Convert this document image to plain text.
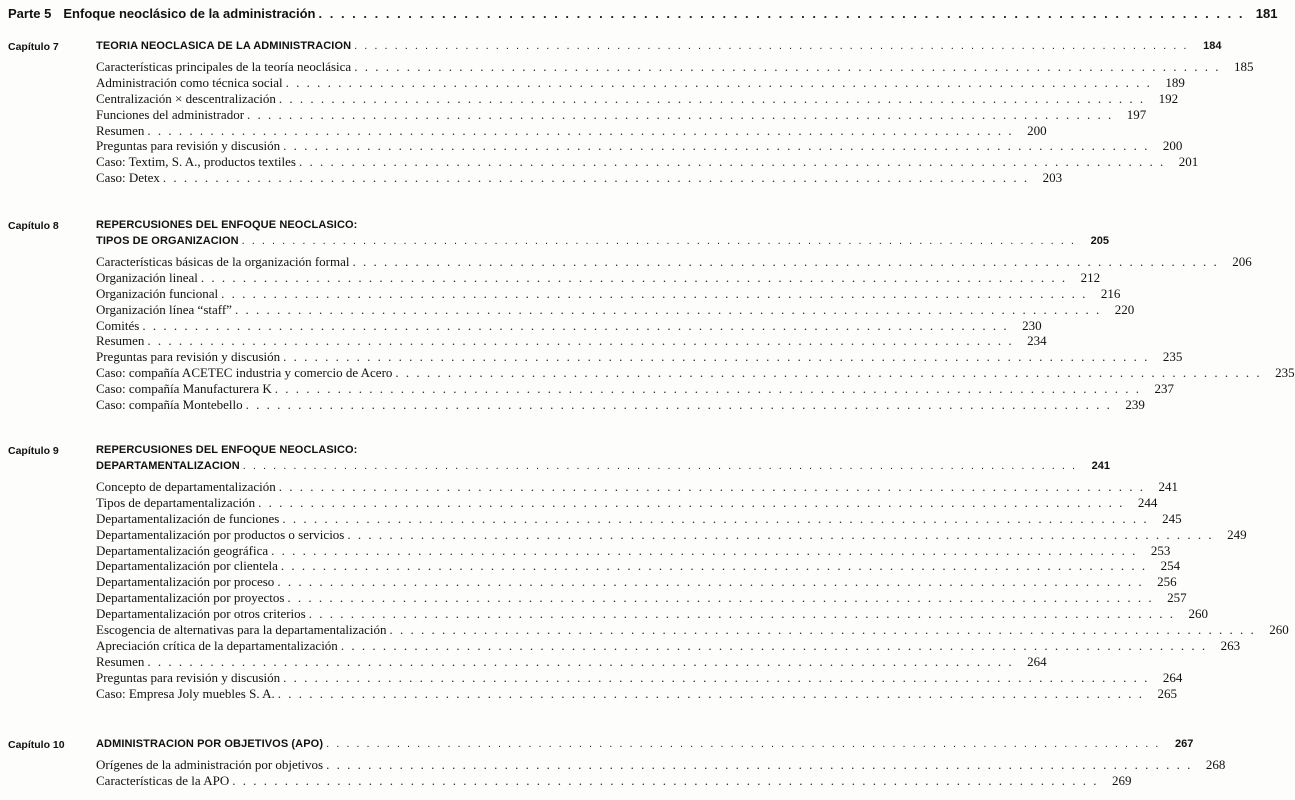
Parte 5 Enfoque neoclásico de la administración . . .	181
Capítulo 7	TEORIA NEOCLASICA DE LA ADMINISTRACION . . .	184
Características principales de la teoría neoclásica . . .	185
Administración como técnica social . . .	189
Centralización × descentralización . . .	192
Funciones del administrador . . .	197
Resumen . . .	200
Preguntas para revisión y discusión . . .	200
Caso: Textim, S. A., productos textiles . . .	201
Caso: Detex . . .	203
Capítulo 8	REPERCUSIONES DEL ENFOQUE NEOCLASICO:
TIPOS DE ORGANIZACION . . .	205
Características básicas de la organización formal . . .	206
Organización lineal . . .	212
Organización funcional . . .	216
Organización línea “staff” . . .	220
Comités . . .	230
Resumen . . .	234
Preguntas para revisión y discusión . . .	235
Caso: compañía ACETEC industria y comercio de Acero . . .	235
Caso: compañía Manufacturera K . . .	237
Caso: compañía Montebello . . .	239
Capítulo 9	REPERCUSIONES DEL ENFOQUE NEOCLASICO:
DEPARTAMENTALIZACION . . .	241
Concepto de departamentalización . . .	241
Tipos de departamentalización . . .	244
Departamentalización de funciones . . .	245
Departamentalización por productos o servicios . . .	249
Departamentalización geográfica . . .	253
Departamentalización por clientela . . .	254
Departamentalización por proceso . . .	256
Departamentalización por proyectos . . .	257
Departamentalización por otros criterios . . .	260
Escogencia de alternativas para la departamentalización . . .	260
Apreciación crítica de la departamentalización . . .	263
Resumen . . .	264
Preguntas para revisión y discusión . . .	264
Caso: Empresa Joly muebles S. A. . . .	265
Capítulo 10	ADMINISTRACION POR OBJETIVOS (APO) . . .	267
Orígenes de la administración por objetivos . . .	268
Características de la APO . . .	269
